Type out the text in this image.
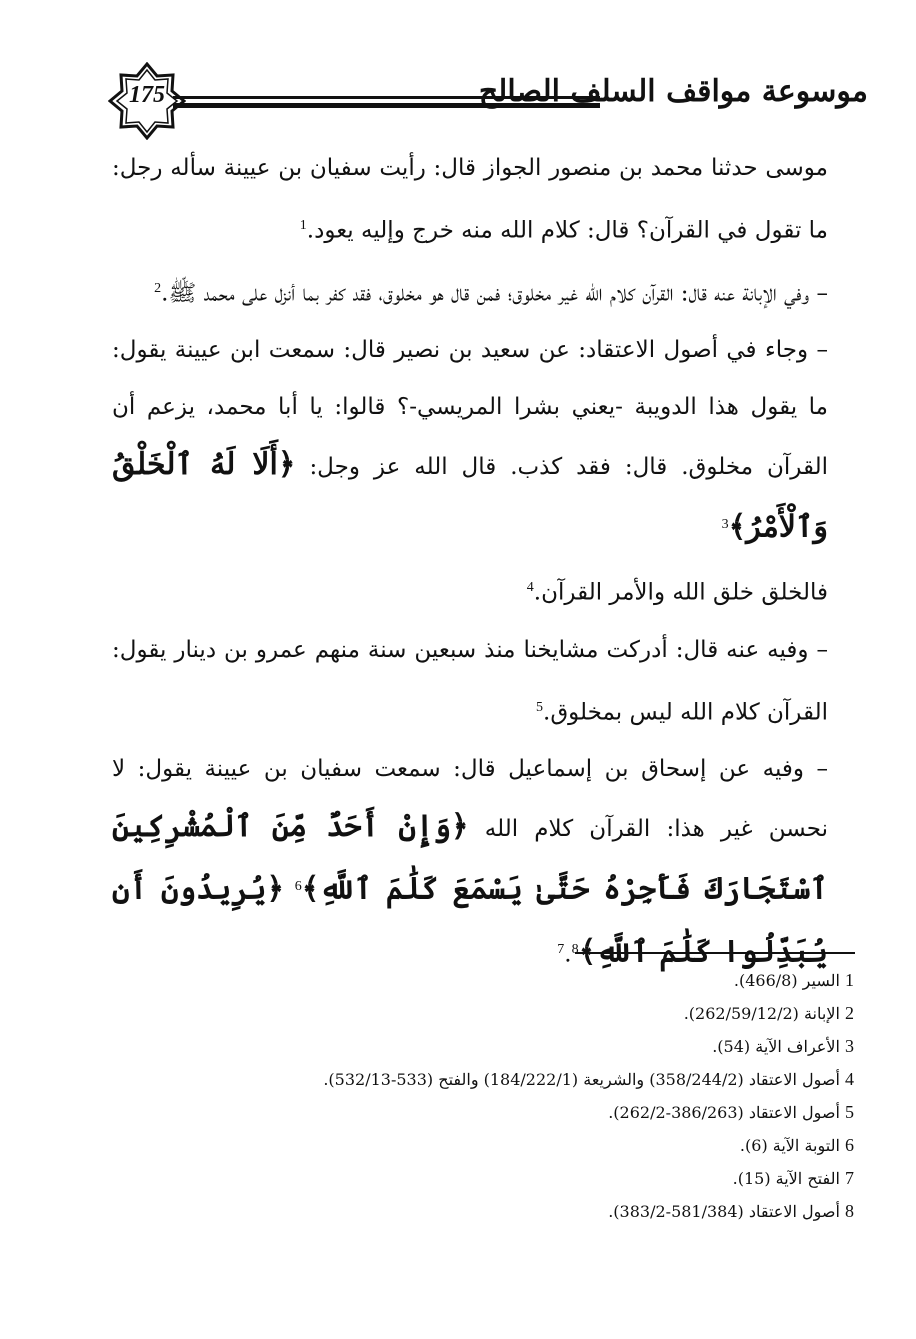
175	موسوعة مواقف السلف الصالح

موسى حدثنا محمد بن منصور الجواز قال: رأيت سفيان بن عيينة سأله رجل: ما تقول في القرآن؟ قال: كلام الله منه خرج وإليه يعود.$^1$

– وفي الإبانة عنه قال: القرآن كلام الله غير مخلوق؛ فمن قال هو مخلوق، فقد كفر بما أنزل على محمد ﷺ.$^2$

– وجاء في أصول الاعتقاد: عن سعيد بن نصير قال: سمعت ابن عيينة يقول: ما يقول هذا الدويبة -يعني بشرا المريسي-؟ قالوا: يا أبا محمد، يزعم أن القرآن مخلوق. قال: فقد كذب. قال الله عز وجل: ﴿أَلَا لَهُ ٱلْخَلْقُ وَٱلْأَمْرُ﴾$^3$

فالخلق خلق الله والأمر القرآن.$^4$

– وفيه عنه قال: أدركت مشايخنا منذ سبعين سنة منهم عمرو بن دينار يقول: القرآن كلام الله ليس بمخلوق.$^5$

– وفيه عن إسحاق بن إسماعيل قال: سمعت سفيان بن عيينة يقول: لا نحسن غير هذا: القرآن كلام الله ﴿وَإِنْ أَحَدٌ مِّنَ ٱلْمُشْرِكِينَ ٱسْتَجَارَكَ فَأَجِرْهُ حَتَّىٰ يَسْمَعَ كَلَٰمَ ٱللَّهِ﴾$^6$ ﴿يُرِيدُونَ أَن يُبَدِّلُوا كَلَٰمَ ٱللَّهِ﴾$^7$.$^8$

1 السير (466/8).

2 الإبانة (262/59/12/2).

3 الأعراف الآية (54).

4 أصول الاعتقاد (358/244/2) والشريعة (184/222/1) والفتح (533-532/13).

5 أصول الاعتقاد (386/263-262/2).

6 التوبة الآية (6).

7 الفتح الآية (15).

8 أصول الاعتقاد (581/384-383/2).
